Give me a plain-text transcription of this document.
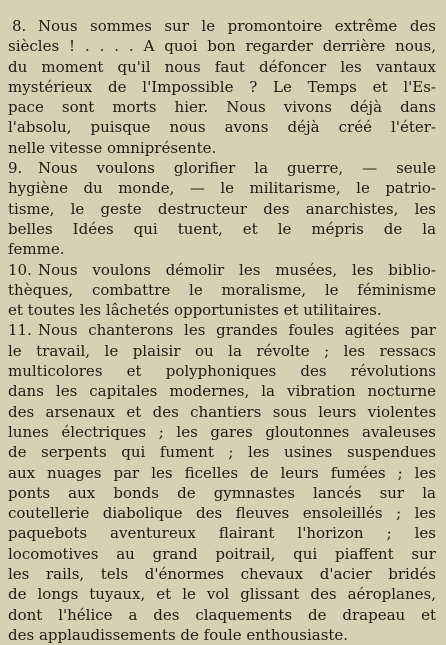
8. Nous sommes sur le promontoire extrême des
siècles ! . . . . A quoi bon regarder derrière nous,
du moment qu'il nous faut défoncer les vantaux
mystérieux de l'Impossible ? Le Temps et l'Es-
pace sont morts hier. Nous vivons déjà dans
l'absolu, puisque nous avons déjà créé l'éter-
nelle vitesse omniprésente.
9.	Nous voulons glorifier la guerre, — seule
hygiène du monde, — le militarisme, le patrio-
tisme, le geste destructeur des anarchistes, les
belles Idées qui tuent, et le mépris de la
femme.
10. Nous voulons démolir les musées, les biblio-
thèques, combattre le moralisme, le féminisme
et toutes les lâchetés opportunistes et utilitaires.
11. Nous chanterons les grandes foules agitées par
le travail, le plaisir ou la révolte ; les ressacs
multicolores et polyphoniques des révolutions
dans les capitales modernes, la vibration nocturne
des arsenaux et des chantiers sous leurs violentes
lunes électriques ; les gares gloutonnes avaleuses
de serpents qui fument ; les usines suspendues
aux nuages par les ficelles de leurs fumées ; les
ponts aux bonds de gymnastes lancés sur la
coutellerie diabolique des fleuves ensoleillés ; les
paquebots aventureux flairant l'horizon ; les
locomotives au grand poitrail, qui piaffent sur
les rails, tels d'énormes chevaux d'acier bridés
de longs tuyaux, et le vol glissant des aéroplanes,
dont l'hélice a des claquements de drapeau et
des applaudissements de foule enthousiaste.
